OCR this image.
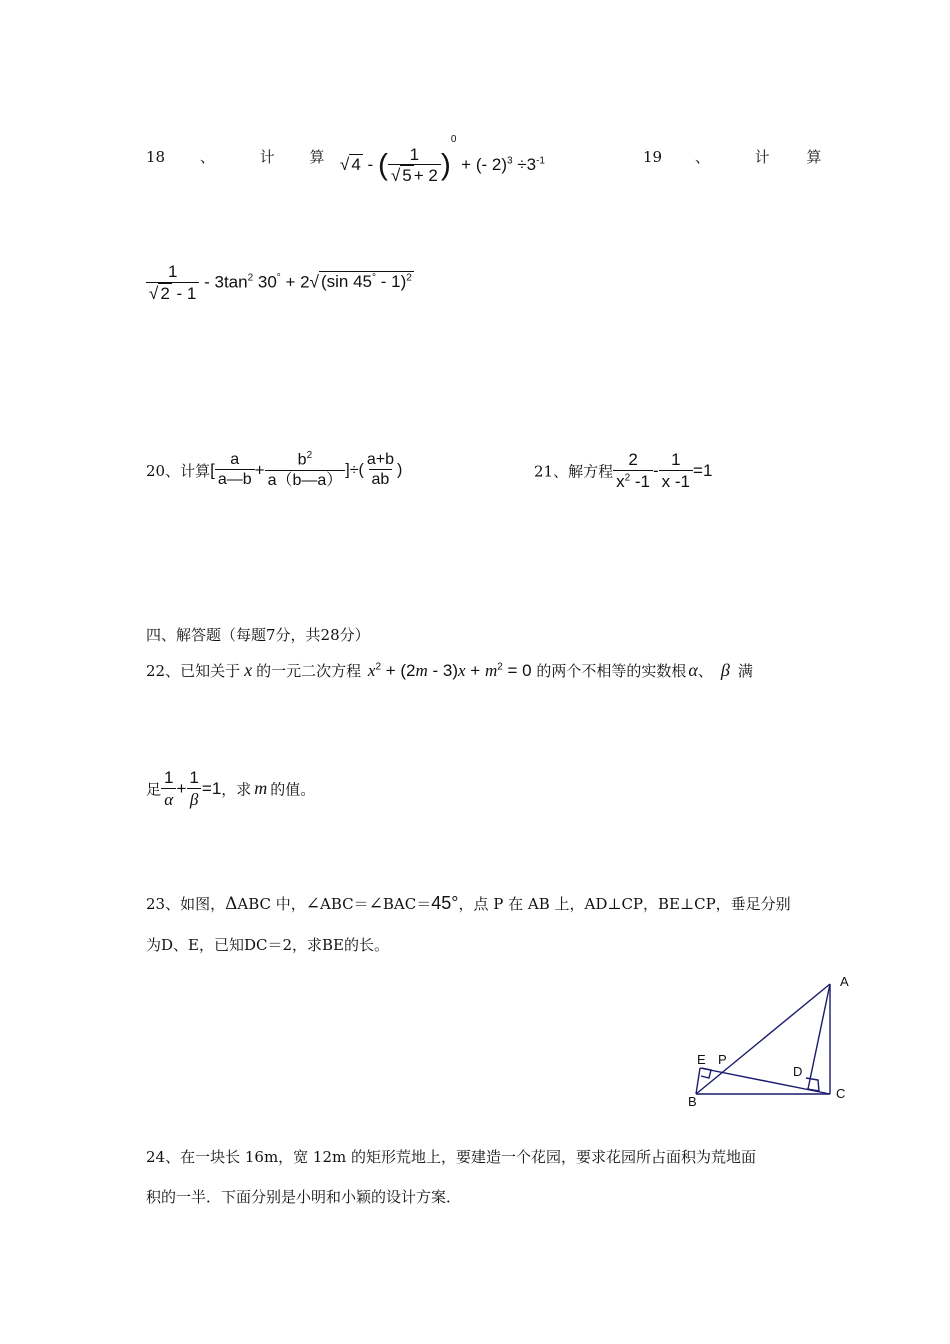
18 、	计 算 √ 4 - ( $\frac{1}{√ 5 + 2} )^0$ + (- $2)^3 \div 3^{-1}$	19 、	计 算
$\frac{1}{√ 2 - 1} - 3\tan^2$ 30° + 2√ (sin 45° - 1)$^2$
20、计算[ $\frac{a}{a—b} + \frac{b^2}{a(b—a)}$ ]÷( $\frac{a+b}{ab}$ )	21、解方程 $\frac{2}{x^2 -1} - \frac{1}{x -1} =1$
四、解答题（每题7分，共28分）
22、已知关于 x 的一元二次方程 $x^2 + (2m - 3)x + m^2 = 0$ 的两个不相等的实数根 α、 β 满
足 $\frac{1}{\alpha} + \frac{1}{\beta} =1$，求 m 的值。
23、如图，ΔABC 中，∠ABC＝∠BAC＝45°，点 P 在 AB 上，AD⊥CP，BE⊥CP，垂足分别
为D、E，已知DC＝2，求BE的长。
A
B
C
D
E P
24、在一块长 16m，宽 12m 的矩形荒地上，要建造一个花园，要求花园所占面积为荒地面
积的一半．下面分别是小明和小颖的设计方案．
